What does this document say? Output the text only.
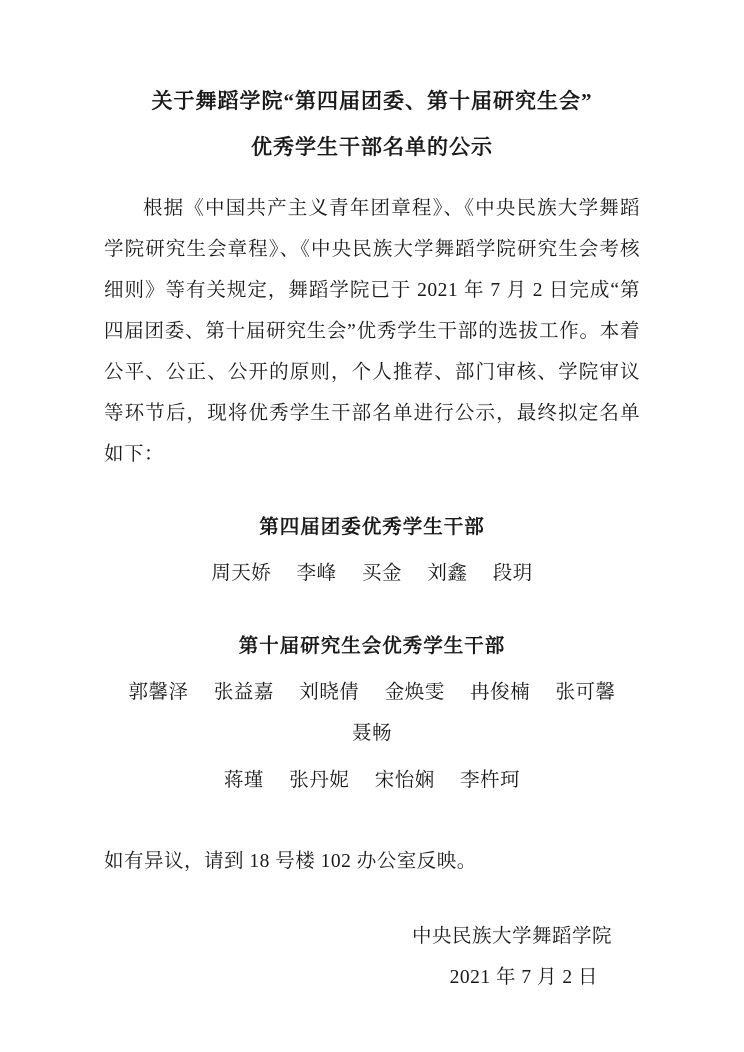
关于舞蹈学院“第四届团委、第十届研究生会”
优秀学生干部名单的公示

根据《中国共产主义青年团章程》、《中央民族大学舞蹈学院研究生会章程》、《中央民族大学舞蹈学院研究生会考核细则》等有关规定，舞蹈学院已于 2021 年 7 月 2 日完成“第四届团委、第十届研究生会”优秀学生干部的选拔工作。本着公平、公正、公开的原则，个人推荐、部门审核、学院审议等环节后，现将优秀学生干部名单进行公示，最终拟定名单如下：

第四届团委优秀学生干部
周天娇 李峰 买金 刘鑫 段玥
第十届研究生会优秀学生干部
郭馨泽 张益嘉 刘晓倩 金焕雯 冉俊楠 张可馨 聂畅
蒋瑾 张丹妮 宋怡娴 李杵珂

如有异议，请到 18 号楼 102 办公室反映。

中央民族大学舞蹈学院
2021 年 7 月 2 日
